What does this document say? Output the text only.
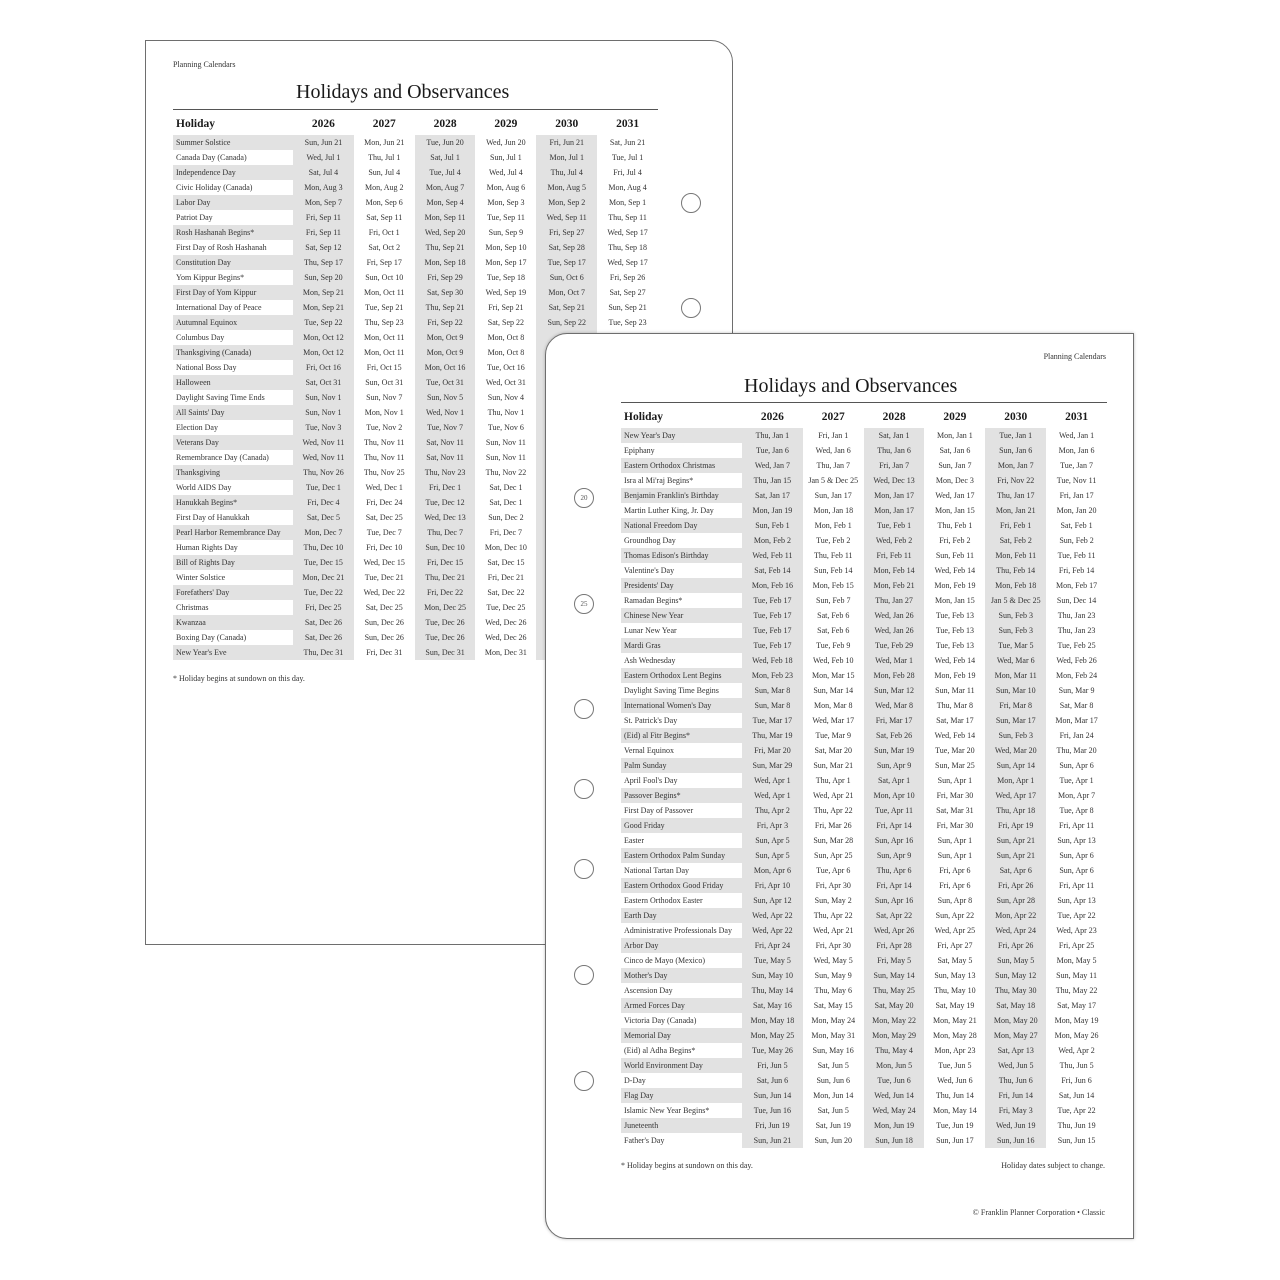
Planning Calendars
Holidays and Observances
Holiday	2026	2027	2028	2029	2030	2031
Summer Solstice	Sun, Jun 21	Mon, Jun 21	Tue, Jun 20	Wed, Jun 20	Fri, Jun 21	Sat, Jun 21
Canada Day (Canada)	Wed, Jul 1	Thu, Jul 1	Sat, Jul 1	Sun, Jul 1	Mon, Jul 1	Tue, Jul 1
Independence Day	Sat, Jul 4	Sun, Jul 4	Tue, Jul 4	Wed, Jul 4	Thu, Jul 4	Fri, Jul 4
Civic Holiday (Canada)	Mon, Aug 3	Mon, Aug 2	Mon, Aug 7	Mon, Aug 6	Mon, Aug 5	Mon, Aug 4
Labor Day	Mon, Sep 7	Mon, Sep 6	Mon, Sep 4	Mon, Sep 3	Mon, Sep 2	Mon, Sep 1
Patriot Day	Fri, Sep 11	Sat, Sep 11	Mon, Sep 11	Tue, Sep 11	Wed, Sep 11	Thu, Sep 11
Rosh Hashanah Begins*	Fri, Sep 11	Fri, Oct 1	Wed, Sep 20	Sun, Sep 9	Fri, Sep 27	Wed, Sep 17
First Day of Rosh Hashanah	Sat, Sep 12	Sat, Oct 2	Thu, Sep 21	Mon, Sep 10	Sat, Sep 28	Thu, Sep 18
Constitution Day	Thu, Sep 17	Fri, Sep 17	Mon, Sep 18	Mon, Sep 17	Tue, Sep 17	Wed, Sep 17
Yom Kippur Begins*	Sun, Sep 20	Sun, Oct 10	Fri, Sep 29	Tue, Sep 18	Sun, Oct 6	Fri, Sep 26
First Day of Yom Kippur	Mon, Sep 21	Mon, Oct 11	Sat, Sep 30	Wed, Sep 19	Mon, Oct 7	Sat, Sep 27
International Day of Peace	Mon, Sep 21	Tue, Sep 21	Thu, Sep 21	Fri, Sep 21	Sat, Sep 21	Sun, Sep 21
Autumnal Equinox	Tue, Sep 22	Thu, Sep 23	Fri, Sep 22	Sat, Sep 22	Sun, Sep 22	Tue, Sep 23
Columbus Day	Mon, Oct 12	Mon, Oct 11	Mon, Oct 9	Mon, Oct 8		
Thanksgiving (Canada)	Mon, Oct 12	Mon, Oct 11	Mon, Oct 9	Mon, Oct 8		
National Boss Day	Fri, Oct 16	Fri, Oct 15	Mon, Oct 16	Tue, Oct 16		
Halloween	Sat, Oct 31	Sun, Oct 31	Tue, Oct 31	Wed, Oct 31		
Daylight Saving Time Ends	Sun, Nov 1	Sun, Nov 7	Sun, Nov 5	Sun, Nov 4		
All Saints' Day	Sun, Nov 1	Mon, Nov 1	Wed, Nov 1	Thu, Nov 1		
Election Day	Tue, Nov 3	Tue, Nov 2	Tue, Nov 7	Tue, Nov 6		
Veterans Day	Wed, Nov 11	Thu, Nov 11	Sat, Nov 11	Sun, Nov 11		
Remembrance Day (Canada)	Wed, Nov 11	Thu, Nov 11	Sat, Nov 11	Sun, Nov 11		
Thanksgiving	Thu, Nov 26	Thu, Nov 25	Thu, Nov 23	Thu, Nov 22		
World AIDS Day	Tue, Dec 1	Wed, Dec 1	Fri, Dec 1	Sat, Dec 1		
Hanukkah Begins*	Fri, Dec 4	Fri, Dec 24	Tue, Dec 12	Sat, Dec 1		
First Day of Hanukkah	Sat, Dec 5	Sat, Dec 25	Wed, Dec 13	Sun, Dec 2		
Pearl Harbor Remembrance Day	Mon, Dec 7	Tue, Dec 7	Thu, Dec 7	Fri, Dec 7		
Human Rights Day	Thu, Dec 10	Fri, Dec 10	Sun, Dec 10	Mon, Dec 10		
Bill of Rights Day	Tue, Dec 15	Wed, Dec 15	Fri, Dec 15	Sat, Dec 15		
Winter Solstice	Mon, Dec 21	Tue, Dec 21	Thu, Dec 21	Fri, Dec 21		
Forefathers' Day	Tue, Dec 22	Wed, Dec 22	Fri, Dec 22	Sat, Dec 22		
Christmas	Fri, Dec 25	Sat, Dec 25	Mon, Dec 25	Tue, Dec 25		
Kwanzaa	Sat, Dec 26	Sun, Dec 26	Tue, Dec 26	Wed, Dec 26		
Boxing Day (Canada)	Sat, Dec 26	Sun, Dec 26	Tue, Dec 26	Wed, Dec 26		
New Year's Eve	Thu, Dec 31	Fri, Dec 31	Sun, Dec 31	Mon, Dec 31		
* Holiday begins at sundown on this day.
Planning Calendars
Holidays and Observances
Holiday	2026	2027	2028	2029	2030	2031
New Year's Day	Thu, Jan 1	Fri, Jan 1	Sat, Jan 1	Mon, Jan 1	Tue, Jan 1	Wed, Jan 1
Epiphany	Tue, Jan 6	Wed, Jan 6	Thu, Jan 6	Sat, Jan 6	Sun, Jan 6	Mon, Jan 6
Eastern Orthodox Christmas	Wed, Jan 7	Thu, Jan 7	Fri, Jan 7	Sun, Jan 7	Mon, Jan 7	Tue, Jan 7
Isra al Mi'raj Begins*	Thu, Jan 15	Jan 5 & Dec 25	Wed, Dec 13	Mon, Dec 3	Fri, Nov 22	Tue, Nov 11
Benjamin Franklin's Birthday	Sat, Jan 17	Sun, Jan 17	Mon, Jan 17	Wed, Jan 17	Thu, Jan 17	Fri, Jan 17
Martin Luther King, Jr. Day	Mon, Jan 19	Mon, Jan 18	Mon, Jan 17	Mon, Jan 15	Mon, Jan 21	Mon, Jan 20
National Freedom Day	Sun, Feb 1	Mon, Feb 1	Tue, Feb 1	Thu, Feb 1	Fri, Feb 1	Sat, Feb 1
Groundhog Day	Mon, Feb 2	Tue, Feb 2	Wed, Feb 2	Fri, Feb 2	Sat, Feb 2	Sun, Feb 2
Thomas Edison's Birthday	Wed, Feb 11	Thu, Feb 11	Fri, Feb 11	Sun, Feb 11	Mon, Feb 11	Tue, Feb 11
Valentine's Day	Sat, Feb 14	Sun, Feb 14	Mon, Feb 14	Wed, Feb 14	Thu, Feb 14	Fri, Feb 14
Presidents' Day	Mon, Feb 16	Mon, Feb 15	Mon, Feb 21	Mon, Feb 19	Mon, Feb 18	Mon, Feb 17
Ramadan Begins*	Tue, Feb 17	Sun, Feb 7	Thu, Jan 27	Mon, Jan 15	Jan 5 & Dec 25	Sun, Dec 14
Chinese New Year	Tue, Feb 17	Sat, Feb 6	Wed, Jan 26	Tue, Feb 13	Sun, Feb 3	Thu, Jan 23
Lunar New Year	Tue, Feb 17	Sat, Feb 6	Wed, Jan 26	Tue, Feb 13	Sun, Feb 3	Thu, Jan 23
Mardi Gras	Tue, Feb 17	Tue, Feb 9	Tue, Feb 29	Tue, Feb 13	Tue, Mar 5	Tue, Feb 25
Ash Wednesday	Wed, Feb 18	Wed, Feb 10	Wed, Mar 1	Wed, Feb 14	Wed, Mar 6	Wed, Feb 26
Eastern Orthodox Lent Begins	Mon, Feb 23	Mon, Mar 15	Mon, Feb 28	Mon, Feb 19	Mon, Mar 11	Mon, Feb 24
Daylight Saving Time Begins	Sun, Mar 8	Sun, Mar 14	Sun, Mar 12	Sun, Mar 11	Sun, Mar 10	Sun, Mar 9
International Women's Day	Sun, Mar 8	Mon, Mar 8	Wed, Mar 8	Thu, Mar 8	Fri, Mar 8	Sat, Mar 8
St. Patrick's Day	Tue, Mar 17	Wed, Mar 17	Fri, Mar 17	Sat, Mar 17	Sun, Mar 17	Mon, Mar 17
(Eid) al Fitr Begins*	Thu, Mar 19	Tue, Mar 9	Sat, Feb 26	Wed, Feb 14	Sun, Feb 3	Fri, Jan 24
Vernal Equinox	Fri, Mar 20	Sat, Mar 20	Sun, Mar 19	Tue, Mar 20	Wed, Mar 20	Thu, Mar 20
Palm Sunday	Sun, Mar 29	Sun, Mar 21	Sun, Apr 9	Sun, Mar 25	Sun, Apr 14	Sun, Apr 6
April Fool's Day	Wed, Apr 1	Thu, Apr 1	Sat, Apr 1	Sun, Apr 1	Mon, Apr 1	Tue, Apr 1
Passover Begins*	Wed, Apr 1	Wed, Apr 21	Mon, Apr 10	Fri, Mar 30	Wed, Apr 17	Mon, Apr 7
First Day of Passover	Thu, Apr 2	Thu, Apr 22	Tue, Apr 11	Sat, Mar 31	Thu, Apr 18	Tue, Apr 8
Good Friday	Fri, Apr 3	Fri, Mar 26	Fri, Apr 14	Fri, Mar 30	Fri, Apr 19	Fri, Apr 11
Easter	Sun, Apr 5	Sun, Mar 28	Sun, Apr 16	Sun, Apr 1	Sun, Apr 21	Sun, Apr 13
Eastern Orthodox Palm Sunday	Sun, Apr 5	Sun, Apr 25	Sun, Apr 9	Sun, Apr 1	Sun, Apr 21	Sun, Apr 6
National Tartan Day	Mon, Apr 6	Tue, Apr 6	Thu, Apr 6	Fri, Apr 6	Sat, Apr 6	Sun, Apr 6
Eastern Orthodox Good Friday	Fri, Apr 10	Fri, Apr 30	Fri, Apr 14	Fri, Apr 6	Fri, Apr 26	Fri, Apr 11
Eastern Orthodox Easter	Sun, Apr 12	Sun, May 2	Sun, Apr 16	Sun, Apr 8	Sun, Apr 28	Sun, Apr 13
Earth Day	Wed, Apr 22	Thu, Apr 22	Sat, Apr 22	Sun, Apr 22	Mon, Apr 22	Tue, Apr 22
Administrative Professionals Day	Wed, Apr 22	Wed, Apr 21	Wed, Apr 26	Wed, Apr 25	Wed, Apr 24	Wed, Apr 23
Arbor Day	Fri, Apr 24	Fri, Apr 30	Fri, Apr 28	Fri, Apr 27	Fri, Apr 26	Fri, Apr 25
Cinco de Mayo (Mexico)	Tue, May 5	Wed, May 5	Fri, May 5	Sat, May 5	Sun, May 5	Mon, May 5
Mother's Day	Sun, May 10	Sun, May 9	Sun, May 14	Sun, May 13	Sun, May 12	Sun, May 11
Ascension Day	Thu, May 14	Thu, May 6	Thu, May 25	Thu, May 10	Thu, May 30	Thu, May 22
Armed Forces Day	Sat, May 16	Sat, May 15	Sat, May 20	Sat, May 19	Sat, May 18	Sat, May 17
Victoria Day (Canada)	Mon, May 18	Mon, May 24	Mon, May 22	Mon, May 21	Mon, May 20	Mon, May 19
Memorial Day	Mon, May 25	Mon, May 31	Mon, May 29	Mon, May 28	Mon, May 27	Mon, May 26
(Eid) al Adha Begins*	Tue, May 26	Sun, May 16	Thu, May 4	Mon, Apr 23	Sat, Apr 13	Wed, Apr 2
World Environment Day	Fri, Jun 5	Sat, Jun 5	Mon, Jun 5	Tue, Jun 5	Wed, Jun 5	Thu, Jun 5
D-Day	Sat, Jun 6	Sun, Jun 6	Tue, Jun 6	Wed, Jun 6	Thu, Jun 6	Fri, Jun 6
Flag Day	Sun, Jun 14	Mon, Jun 14	Wed, Jun 14	Thu, Jun 14	Fri, Jun 14	Sat, Jun 14
Islamic New Year Begins*	Tue, Jun 16	Sat, Jun 5	Wed, May 24	Mon, May 14	Fri, May 3	Tue, Apr 22
Juneteenth	Fri, Jun 19	Sat, Jun 19	Mon, Jun 19	Tue, Jun 19	Wed, Jun 19	Thu, Jun 19
Father's Day	Sun, Jun 21	Sun, Jun 20	Sun, Jun 18	Sun, Jun 17	Sun, Jun 16	Sun, Jun 15
* Holiday begins at sundown on this day.	Holiday dates subject to change.
© Franklin Planner Corporation • Classic
20
25
